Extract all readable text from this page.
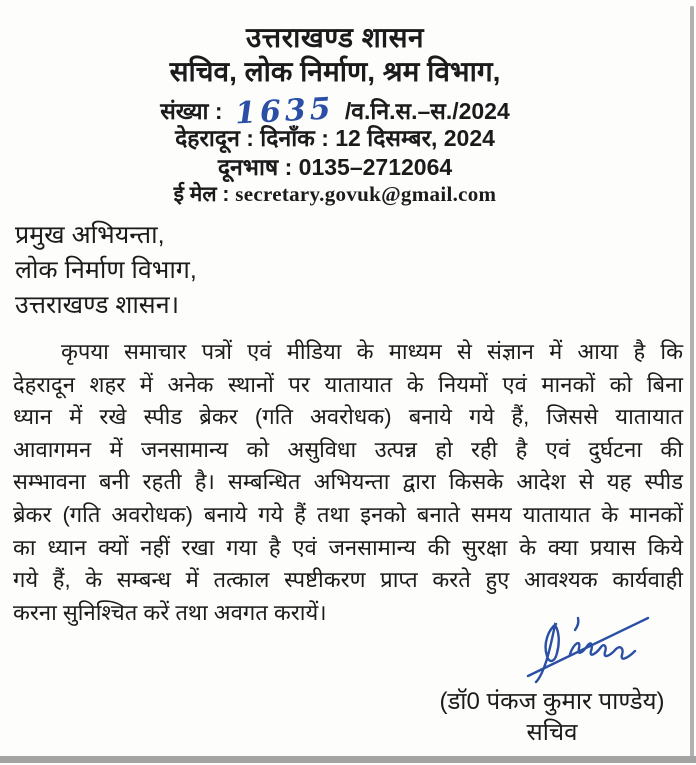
उत्तराखण्ड शासन
सचिव, लोक निर्माण, श्रम विभाग,
संख्या : 1635 /व.नि.स.–स./2024
देहरादून : दिनाँक : 12 दिसम्बर, 2024
दूनभाष : 0135–2712064
ई मेल : secretary.govuk@gmail.com
प्रमुख अभियन्ता,
लोक निर्माण विभाग,
उत्तराखण्ड शासन।
कृपया समाचार पत्रों एवं मीडिया के माध्यम से संज्ञान में आया है कि
देहरादून शहर में अनेक स्थानों पर यातायात के नियमों एवं मानकों को बिना
ध्यान में रखे स्पीड ब्रेकर (गति अवरोधक) बनाये गये हैं, जिससे यातायात
आवागमन में जनसामान्य को असुविधा उत्पन्न हो रही है एवं दुर्घटना की
सम्भावना बनी रहती है। सम्बन्धित अभियन्ता द्वारा किसके आदेश से यह स्पीड
ब्रेकर (गति अवरोधक) बनाये गये हैं तथा इनको बनाते समय यातायात के मानकों
का ध्यान क्यों नहीं रखा गया है एवं जनसामान्य की सुरक्षा के क्या प्रयास किये
गये हैं, के सम्बन्ध में तत्काल स्पष्टीकरण प्राप्त करते हुए आवश्यक कार्यवाही
करना सुनिश्चित करें तथा अवगत करायें।
(डॉ0 पंकज कुमार पाण्डेय)
सचिव
